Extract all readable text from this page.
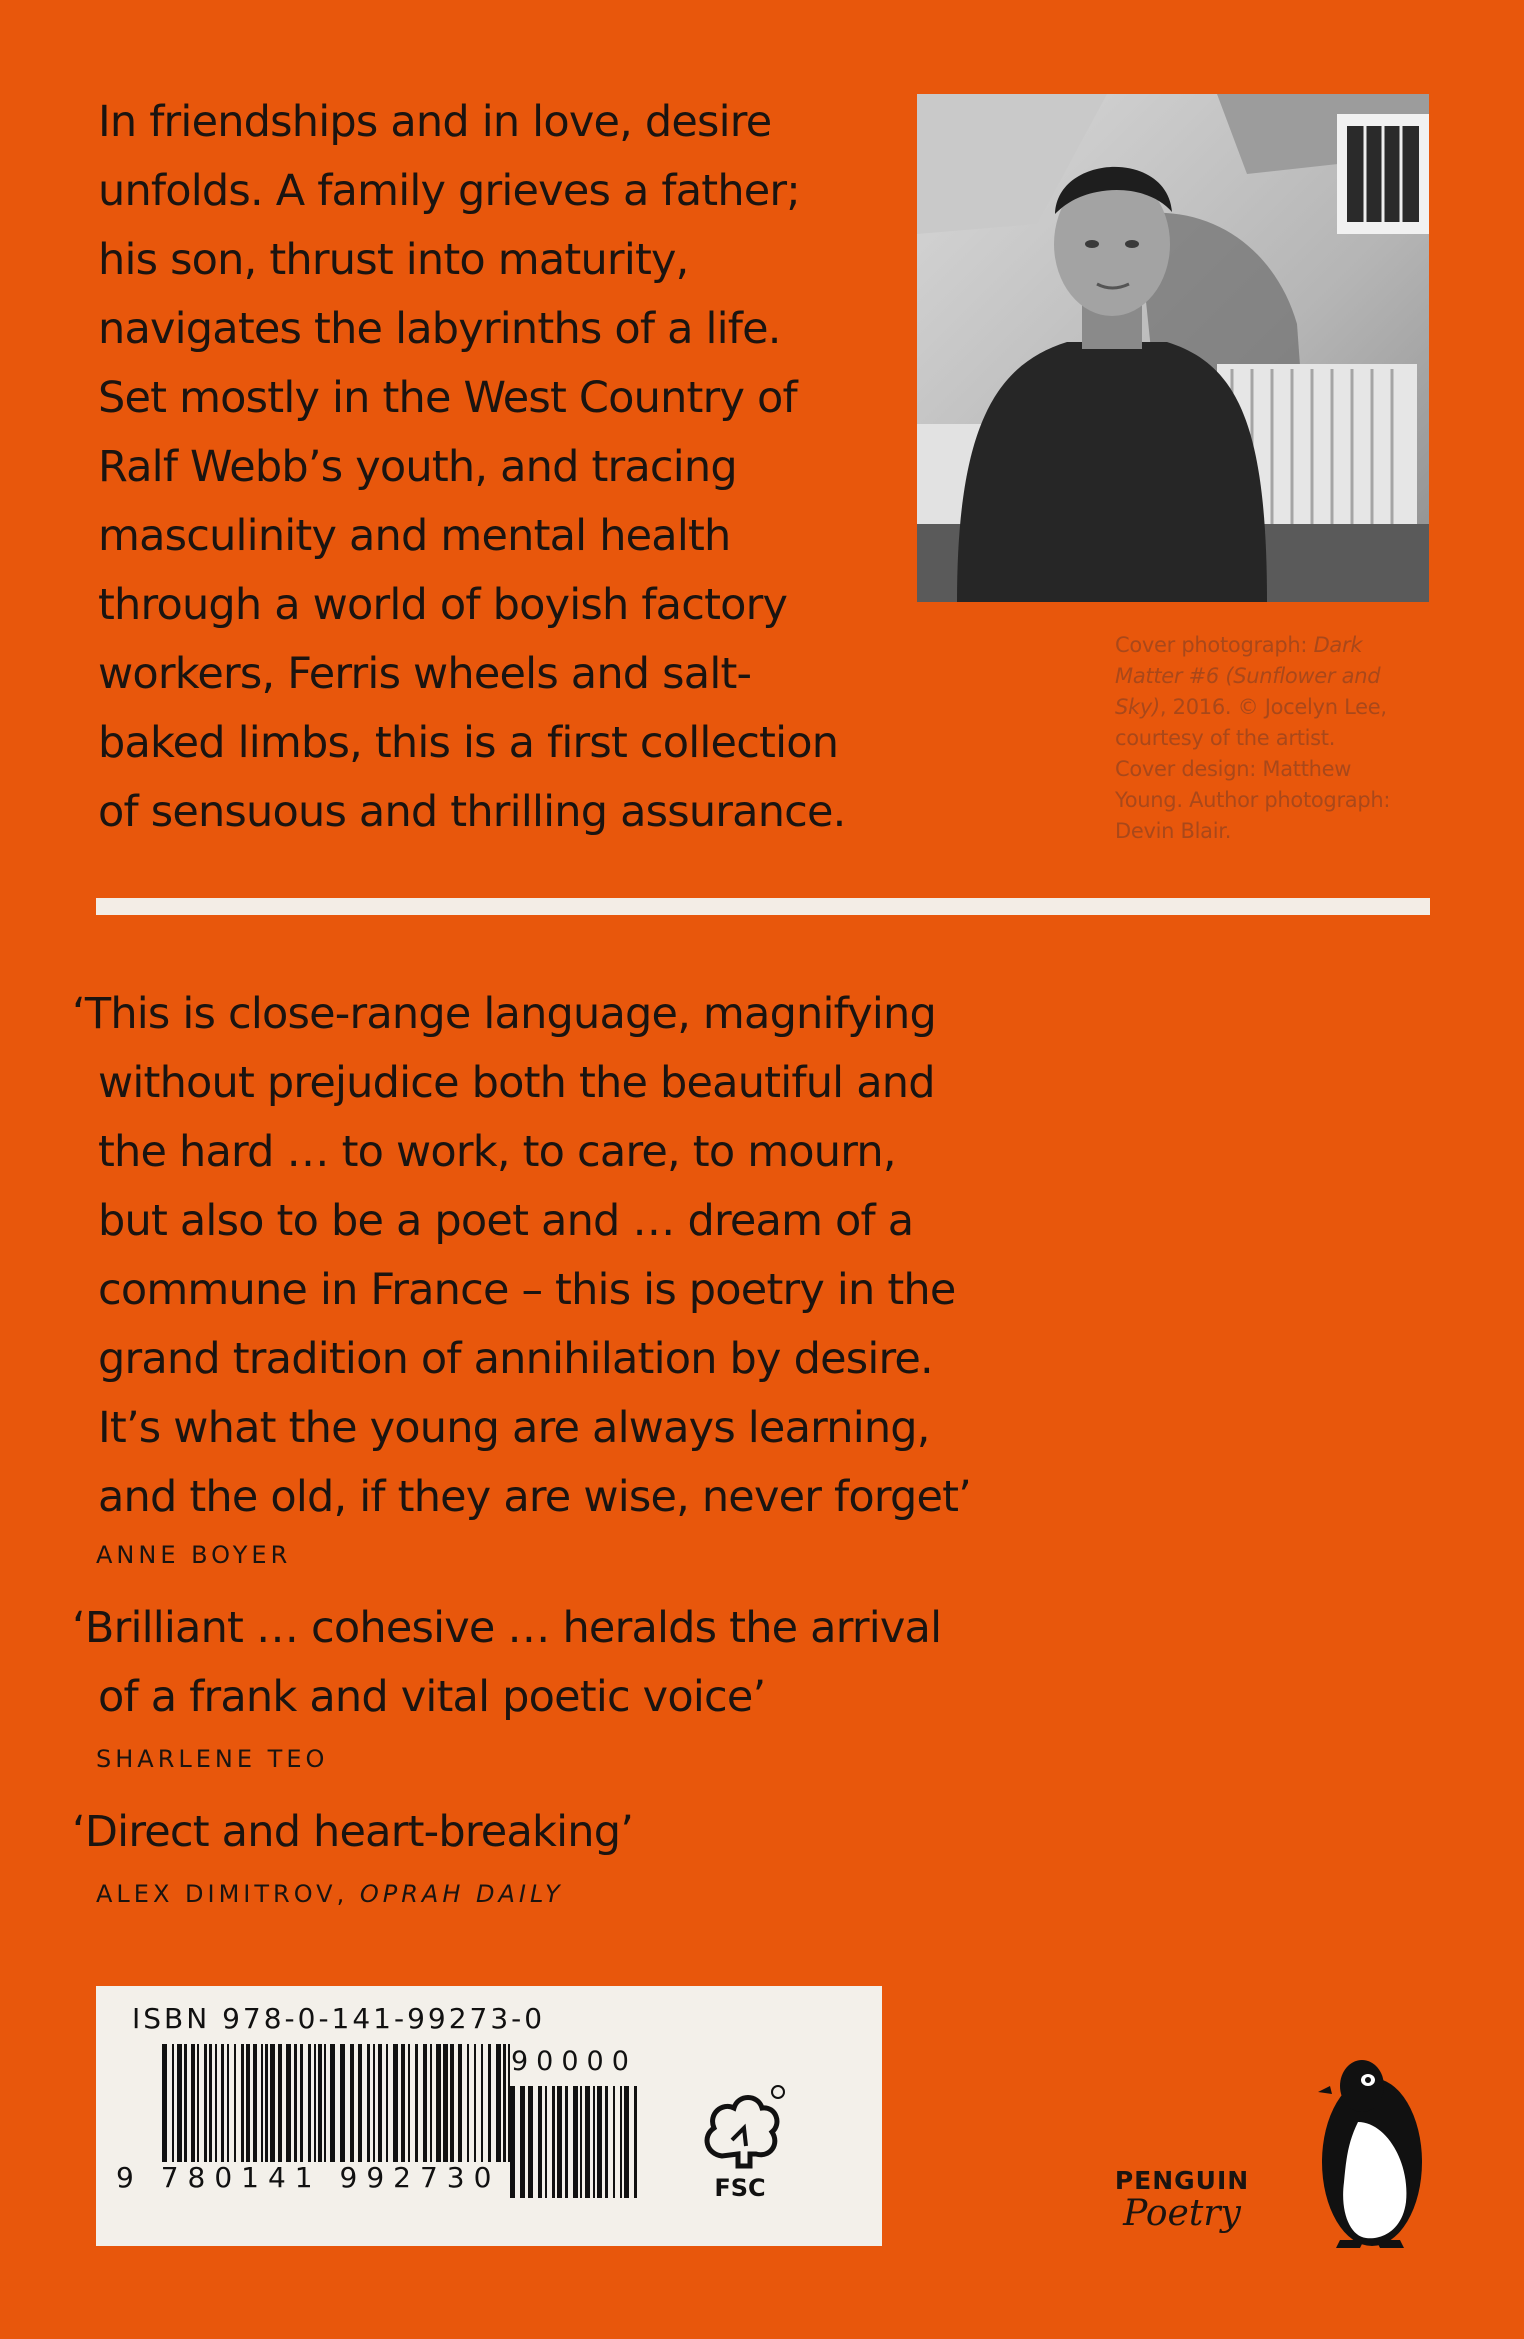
In friendships and in love, desire
unfolds. A family grieves a father;
his son, thrust into maturity,
navigates the labyrinths of a life.
Set mostly in the West Country of
Ralf Webb’s youth, and tracing
masculinity and mental health
through a world of boyish factory
workers, Ferris wheels and salt-
baked limbs, this is a first collection
of sensuous and thrilling assurance.
Cover photograph: Dark
Matter #6 (Sunflower and
Sky), 2016. © Jocelyn Lee,
courtesy of the artist.
Cover design: Matthew
Young. Author photograph:
Devin Blair.
‘This is close-range language, magnifying
without prejudice both the beautiful and
the hard … to work, to care, to mourn,
but also to be a poet and … dream of a
commune in France – this is poetry in the
grand tradition of annihilation by desire.
It’s what the young are always learning,
and the old, if they are wise, never forget’
ANNE BOYER
‘Brilliant … cohesive … heralds the arrival
of a frank and vital poetic voice’
SHARLENE TEO
‘Direct and heart-breaking’
ALEX DIMITROV, OPRAH DAILY
ISBN 978-0-141-99273-0
90000
9 780141 992730	FSC	PENGUIN
Poetry
